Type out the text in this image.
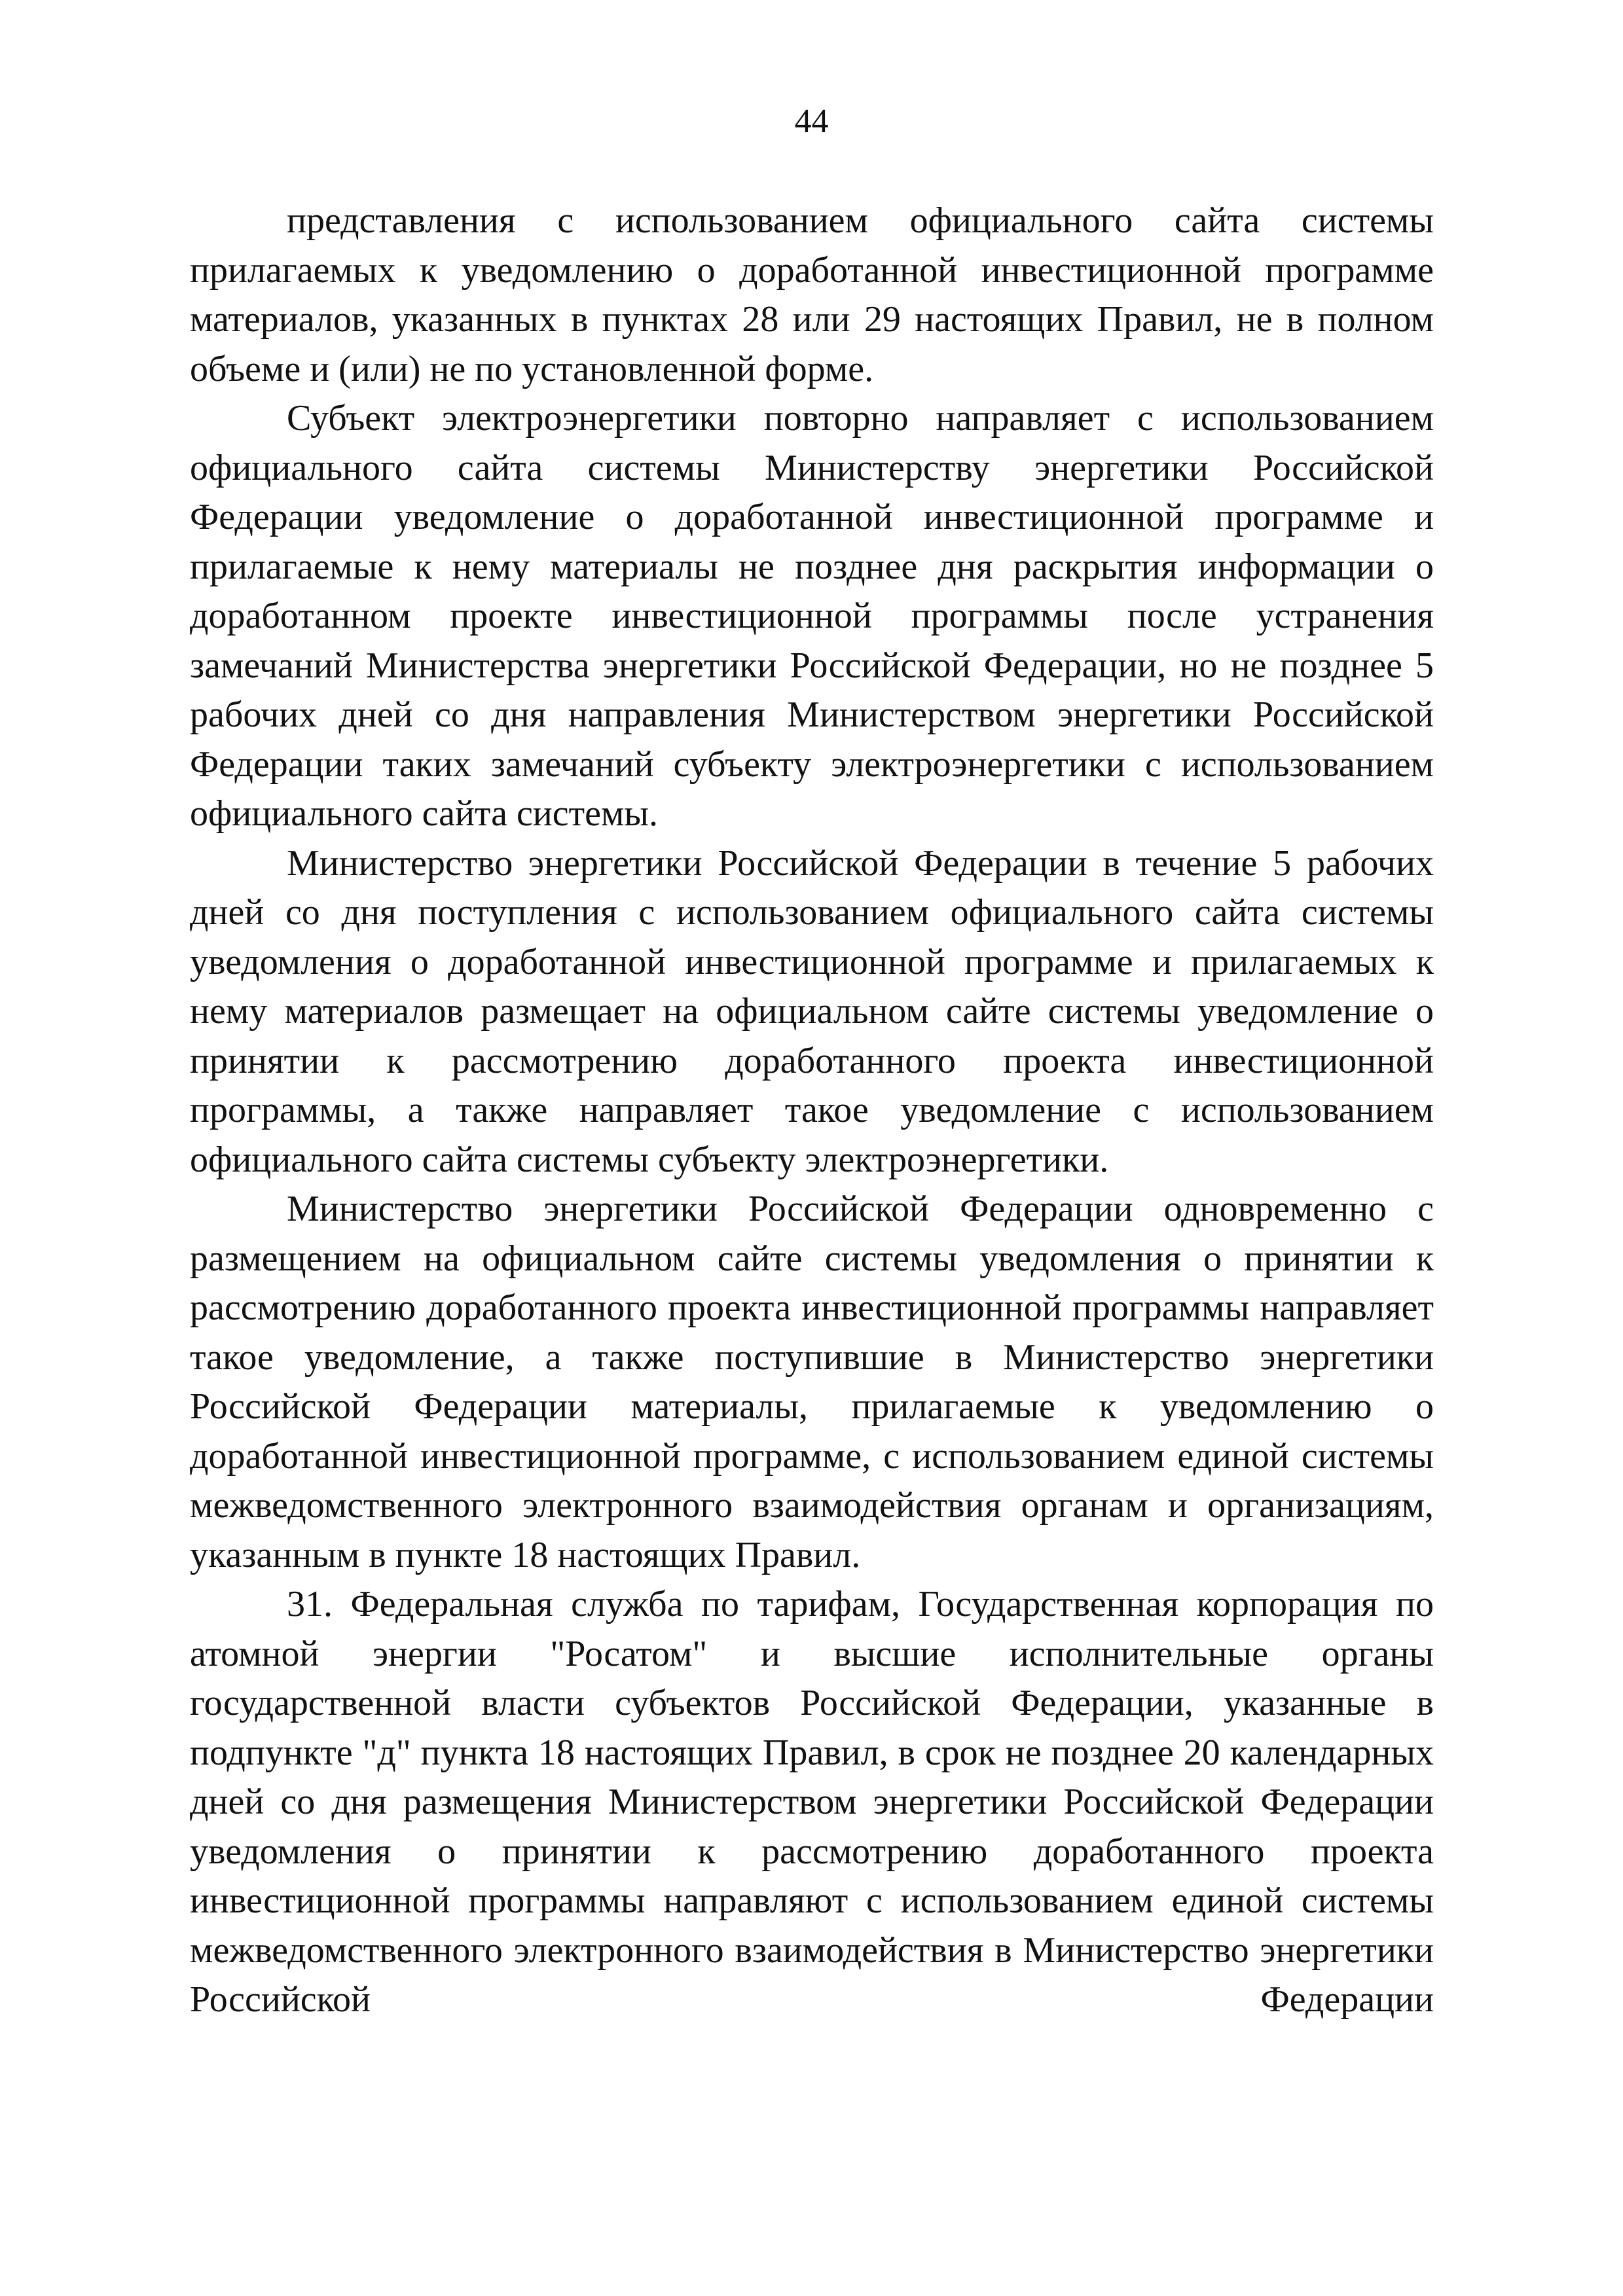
44

представления с использованием официального сайта системы прилагаемых к уведомлению о доработанной инвестиционной программе материалов, указанных в пунктах 28 или 29 настоящих Правил, не в полном объеме и (или) не по установленной форме.

Субъект электроэнергетики повторно направляет с использованием официального сайта системы Министерству энергетики Российской Федерации уведомление о доработанной инвестиционной программе и прилагаемые к нему материалы не позднее дня раскрытия информации о доработанном проекте инвестиционной программы после устранения замечаний Министерства энергетики Российской Федерации, но не позднее 5 рабочих дней со дня направления Министерством энергетики Российской Федерации таких замечаний субъекту электроэнергетики с использованием официального сайта системы.

Министерство энергетики Российской Федерации в течение 5 рабочих дней со дня поступления с использованием официального сайта системы уведомления о доработанной инвестиционной программе и прилагаемых к нему материалов размещает на официальном сайте системы уведомление о принятии к рассмотрению доработанного проекта инвестиционной программы, а также направляет такое уведомление с использованием официального сайта системы субъекту электроэнергетики.

Министерство энергетики Российской Федерации одновременно с размещением на официальном сайте системы уведомления о принятии к рассмотрению доработанного проекта инвестиционной программы направляет такое уведомление, а также поступившие в Министерство энергетики Российской Федерации материалы, прилагаемые к уведомлению о доработанной инвестиционной программе, с использованием единой системы межведомственного электронного взаимодействия органам и организациям, указанным в пункте 18 настоящих Правил.

31. Федеральная служба по тарифам, Государственная корпорация по атомной энергии "Росатом" и высшие исполнительные органы государственной власти субъектов Российской Федерации, указанные в подпункте "д" пункта 18 настоящих Правил, в срок не позднее 20 календарных дней со дня размещения Министерством энергетики Российской Федерации уведомления о принятии к рассмотрению доработанного проекта инвестиционной программы направляют с использованием единой системы межведомственного электронного взаимодействия в Министерство энергетики Российской Федерации
